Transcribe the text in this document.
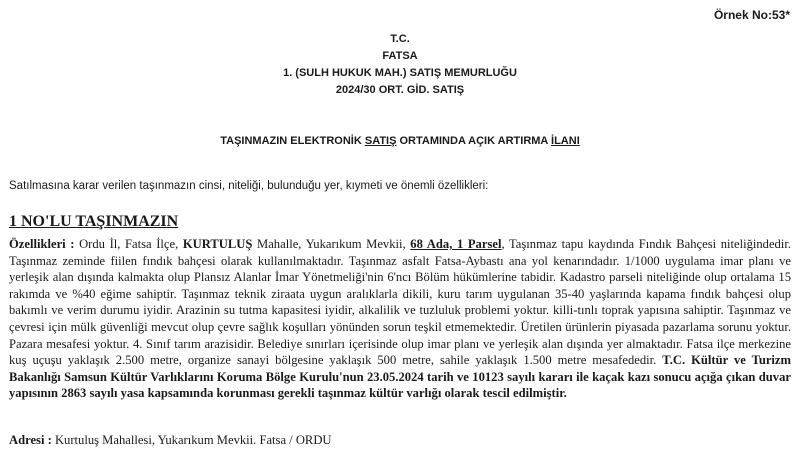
Örnek No:53*
T.C.
FATSA
1. (SULH HUKUK MAH.) SATIŞ MEMURLUĞU
2024/30 ORT. GİD. SATIŞ
TAŞINMAZIN ELEKTRONİK SATIŞ ORTAMINDA AÇIK ARTIRMA İLANI
Satılmasına karar verilen taşınmazın cinsi, niteliği, bulunduğu yer, kıymeti ve önemli özellikleri:
1 NO'LU TAŞINMAZIN
Özellikleri : Ordu İl, Fatsa İlçe, KURTULUŞ Mahalle, Yukarıkum Mevkii, 68 Ada, 1 Parsel, Taşınmaz tapu kaydında Fındık Bahçesi niteliğindedir. Taşınmaz zeminde fiilen fındık bahçesi olarak kullanılmaktadır. Taşınmaz asfalt Fatsa-Aybastı ana yol kenarındadır. 1/1000 uygulama imar planı ve yerleşik alan dışında kalmakta olup Plansız Alanlar İmar Yönetmeliği'nin 6'ncı Bölüm hükümlerine tabidir. Kadastro parseli niteliğinde olup ortalama 15 rakımda ve %40 eğime sahiptir. Taşınmaz teknik ziraata uygun aralıklarla dikili, kuru tarım uygulanan 35-40 yaşlarında kapama fındık bahçesi olup bakımlı ve verim durumu iyidir. Arazinin su tutma kapasitesi iyidir, alkalilik ve tuzluluk problemi yoktur. killi-tınlı toprak yapısına sahiptir. Taşınmaz ve çevresi için mülk güvenliği mevcut olup çevre sağlık koşulları yönünden sorun teşkil etmemektedir. Üretilen ürünlerin piyasada pazarlama sorunu yoktur. Pazara mesafesi yoktur. 4. Sınıf tarım arazisidir. Belediye sınırları içerisinde olup imar planı ve yerleşik alan dışında yer almaktadır. Fatsa ilçe merkezine kuş uçuşu yaklaşık 2.500 metre, organize sanayi bölgesine yaklaşık 500 metre, sahile yaklaşık 1.500 metre mesafededir. T.C. Kültür ve Turizm Bakanlığı Samsun Kültür Varlıklarını Koruma Bölge Kurulu'nun 23.05.2024 tarih ve 10123 sayılı kararı ile kaçak kazı sonucu açığa çıkan duvar yapısının 2863 sayılı yasa kapsamında korunması gerekli taşınmaz kültür varlığı olarak tescil edilmiştir.
Adresi : Kurtuluş Mahallesi, Yukarıkum Mevkii. Fatsa / ORDU
